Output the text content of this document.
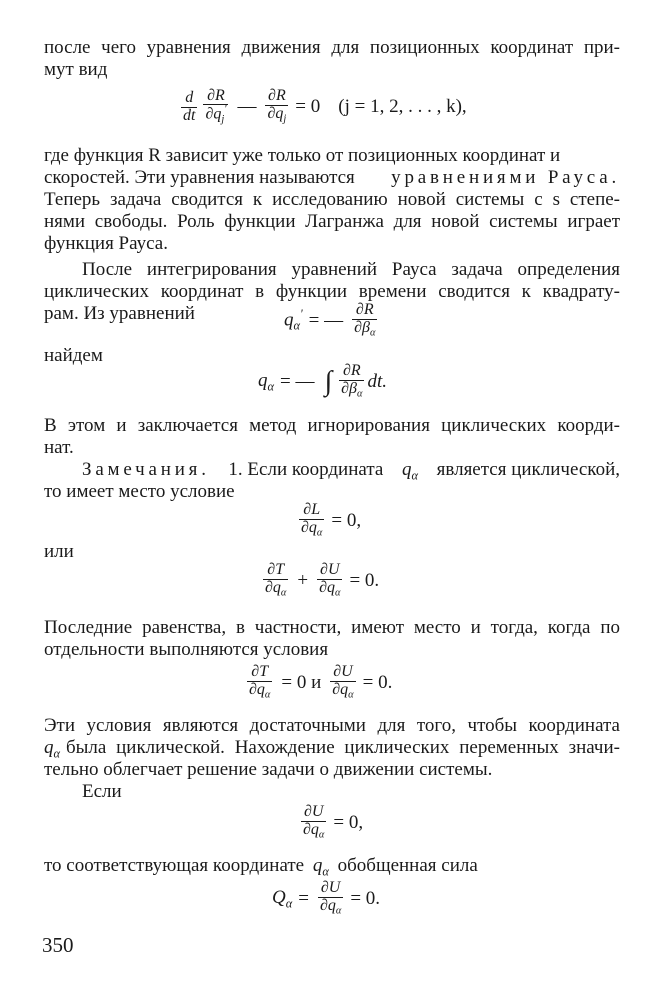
после чего уравнения движения для позиционных координат при-
мут вид
$\frac{d}{dt} \frac{\partial R}{\partial q_j'}$ — $\frac{\partial R}{\partial q_j} = 0$ (j = 1, 2, . . . , k),
где функция R зависит уже только от позиционных координат и
скоростей. Эти уравнения называются уравнениями Рауса.
Теперь задача сводится к исследованию новой системы с s степе-
нями свободы. Роль функции Лагранжа для новой системы играет
функция Рауса.
После интегрирования уравнений Рауса задача определения
циклических координат в функции времени сводится к квадрату-
рам. Из уравнений	$q_\alpha'$ = — $\frac{\partial R}{\partial\beta_\alpha}$
найдем
$q_\alpha$ = — ∫ $\frac{\partial R}{\partial\beta_\alpha}$ dt.
В этом и заключается метод игнорирования циклических коорди-
нат.
Замечания. 1. Если координата $q_\alpha$ является циклической,
то имеет место условие
$\frac{\partial L}{\partial q_\alpha} = 0$,
или
$\frac{\partial T}{\partial q_\alpha} + \frac{\partial U}{\partial q_\alpha} = 0$.
Последние равенства, в частности, имеют место и тогда, когда по
отдельности выполняются условия
$\frac{\partial T}{\partial q_\alpha} = 0$ и $\frac{\partial U}{\partial q_\alpha} = 0$.
Эти условия являются достаточными для того, чтобы координата
$q_\alpha$ была циклической. Нахождение циклических переменных значи-
тельно облегчает решение задачи о движении системы.
Если
$\frac{\partial U}{\partial q_\alpha} = 0$,
то соответствующая координате $q_\alpha$ обобщенная сила
$Q_\alpha = \frac{\partial U}{\partial q_\alpha} = 0$.
350
